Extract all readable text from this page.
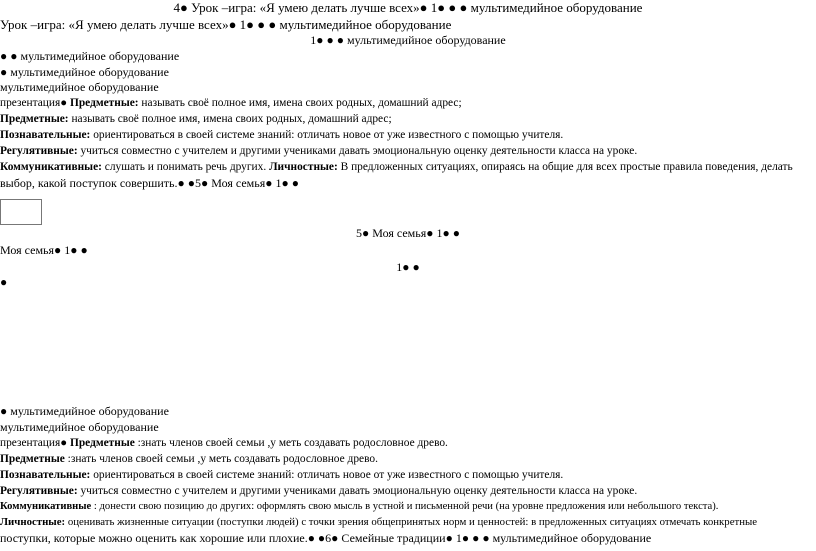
4● Урок –игра: «Я умею делать лучше всех»● 1● ● ● мультимедийное оборудование
Урок –игра: «Я умею делать лучше всех»● 1● ● ● мультимедийное оборудование
1● ● ● мультимедийное оборудование
● ● мультимедийное оборудование
● мультимедийное оборудование
мультимедийное оборудование
презентация● Предметные: называть своё полное имя, имена своих родных, домашний адрес;
Предметные: называть своё полное имя, имена своих родных, домашний адрес;
Познавательные: ориентироваться в своей системе знаний: отличать новое от уже известного с помощью учителя.
Регулятивные: учиться совместно с учителем и другими учениками давать эмоциональную оценку деятельности класса на уроке.
Коммуникативные: слушать и понимать речь других. Личностные: В предложенных ситуациях, опираясь на общие для всех простые правила поведения, делать
выбор, какой поступок совершить.● ●5● Моя семья● 1● ●
5● Моя семья● 1● ●
Моя семья● 1● ●
1● ●
●
● мультимедийное оборудование
мультимедийное оборудование
презентация● Предметные :знать членов своей семьи ,у меть создавать родословное древо.
Предметные :знать членов своей семьи ,у меть создавать родословное древо.
Познавательные: ориентироваться в своей системе знаний: отличать новое от уже известного с помощью учителя.
Регулятивные: учиться совместно с учителем и другими учениками давать эмоциональную оценку деятельности класса на уроке.
Коммуникативные : донести свою позицию до других: оформлять свою мысль в устной и письменной речи (на уровне предложения или небольшого текста).
Личностные: оценивать жизненные ситуации (поступки людей) с точки зрения общепринятых норм и ценностей: в предложенных ситуациях отмечать конкретные
поступки, которые можно оценить как хорошие или плохие.● ●6● Семейные традиции● 1● ● ● мультимедийное оборудование
